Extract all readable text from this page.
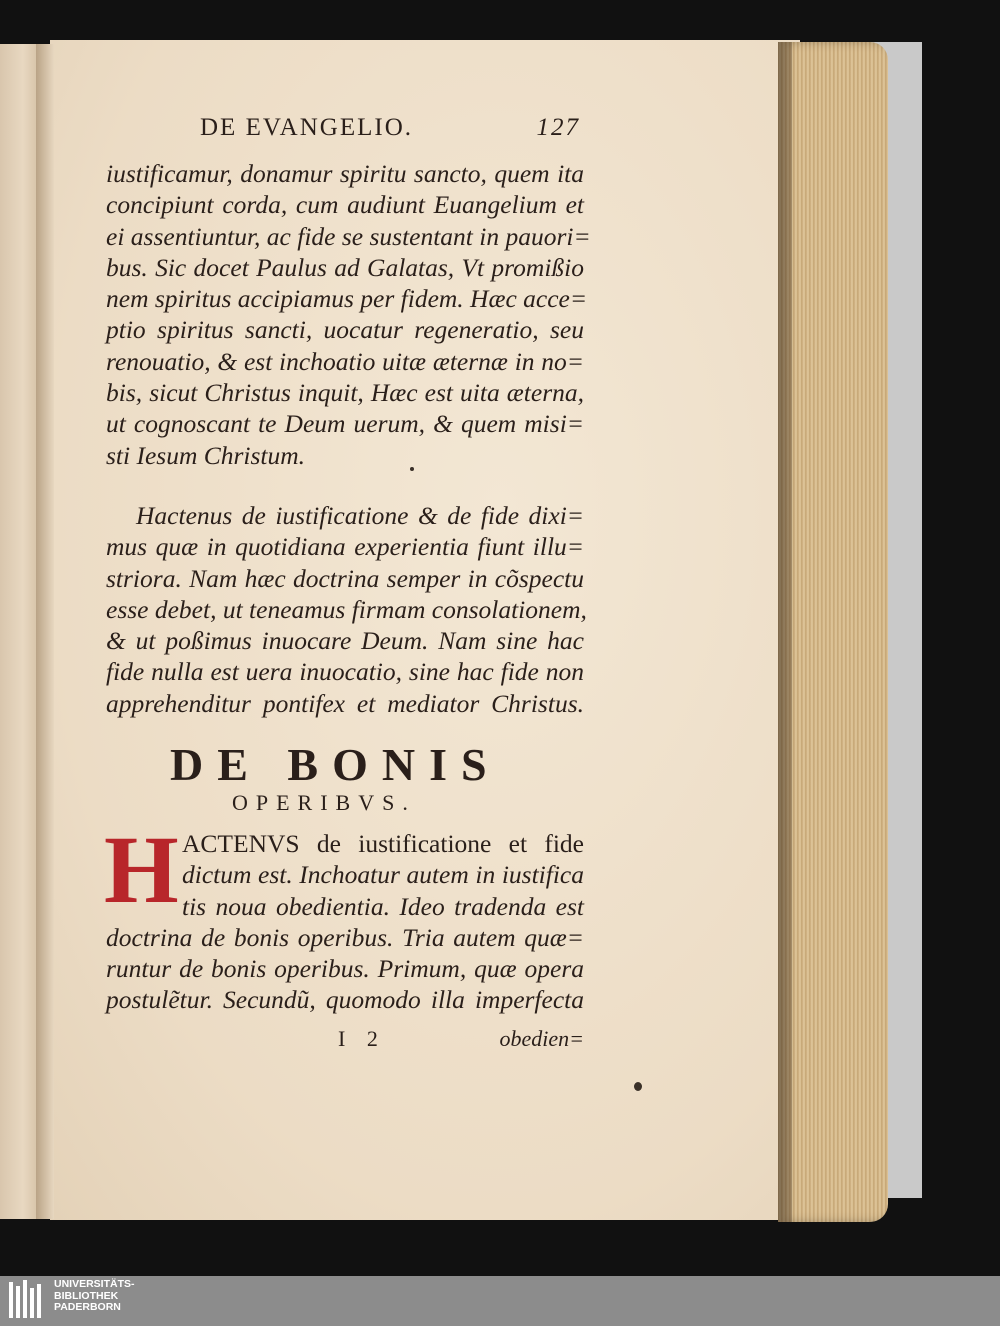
DE EVANGELIO.	127
iustificamur, donamur spiritu sancto, quem ita
concipiunt corda, cum audiunt Euangelium et
ei assentiuntur, ac fide se sustentant in pauori=
bus. Sic docet Paulus ad Galatas, Vt promißio
nem spiritus accipiamus per fidem. Hæc acce=
ptio spiritus sancti, uocatur regeneratio, seu
renouatio, & est inchoatio uitæ æternæ in no=
bis, sicut Christus inquit, Hæc est uita æterna,
ut cognoscant te Deum uerum, & quem misi=
sti Iesum Christum.
Hactenus de iustificatione & de fide dixi=
mus quæ in quotidiana experientia fiunt illu=
striora. Nam hæc doctrina semper in cõspectu
esse debet, ut teneamus firmam consolationem,
& ut poßimus inuocare Deum. Nam sine hac
fide nulla est uera inuocatio, sine hac fide non
apprehenditur pontifex et mediator Christus.
DE BONIS
OPERIBVS.
H ACTENVS de iustificatione et fide
dictum est. Inchoatur autem in iustifica
tis noua obedientia. Ideo tradenda est
doctrina de bonis operibus. Tria autem quæ=
runtur de bonis operibus. Primum, quæ opera
postulẽtur. Secundũ, quomodo illa imperfecta
I 2	obedien=
UNIVERSITÄTS-
BIBLIOTHEK
PADERBORN
